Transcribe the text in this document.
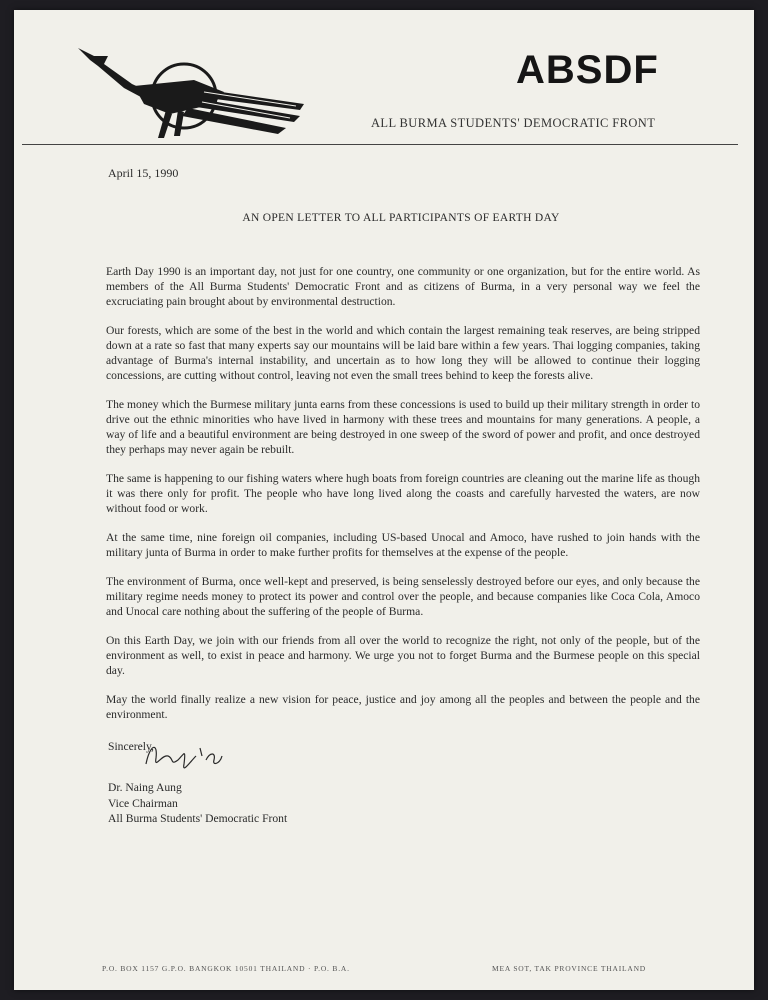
ABSDF
ALL BURMA STUDENTS' DEMOCRATIC FRONT
April 15, 1990
AN OPEN LETTER TO ALL PARTICIPANTS OF EARTH DAY

Earth Day 1990 is an important day, not just for one country, one community or one organization, but for the entire world. As members of the All Burma Students' Democratic Front and as citizens of Burma, in a very personal way we feel the excruciating pain brought about by environmental destruction.

Our forests, which are some of the best in the world and which contain the largest remaining teak reserves, are being stripped down at a rate so fast that many experts say our mountains will be laid bare within a few years. Thai logging companies, taking advantage of Burma's internal instability, and uncertain as to how long they will be allowed to continue their logging concessions, are cutting without control, leaving not even the small trees behind to keep the forests alive.

The money which the Burmese military junta earns from these concessions is used to build up their military strength in order to drive out the ethnic minorities who have lived in harmony with these trees and mountains for many generations. A people, a way of life and a beautiful environment are being destroyed in one sweep of the sword of power and profit, and once destroyed they perhaps may never again be rebuilt.

The same is happening to our fishing waters where hugh boats from foreign countries are cleaning out the marine life as though it was there only for profit. The people who have long lived along the coasts and carefully harvested the waters, are now without food or work.

At the same time, nine foreign oil companies, including US-based Unocal and Amoco, have rushed to join hands with the military junta of Burma in order to make further profits for themselves at the expense of the people.

The environment of Burma, once well-kept and preserved, is being senselessly destroyed before our eyes, and only because the military regime needs money to protect its power and control over the people, and because companies like Coca Cola, Amoco and Unocal care nothing about the suffering of the people of Burma.

On this Earth Day, we join with our friends from all over the world to recognize the right, not only of the people, but of the environment as well, to exist in peace and harmony. We urge you not to forget Burma and the Burmese people on this special day.

May the world finally realize a new vision for peace, justice and joy among all the peoples and between the people and the environment.

Sincerely,
Dr. Naing Aung
Vice Chairman
All Burma Students' Democratic Front
P.O. BOX 1157 G.P.O. BANGKOK 10501 THAILAND · P.O. B.A.	MEA SOT, TAK PROVINCE THAILAND
